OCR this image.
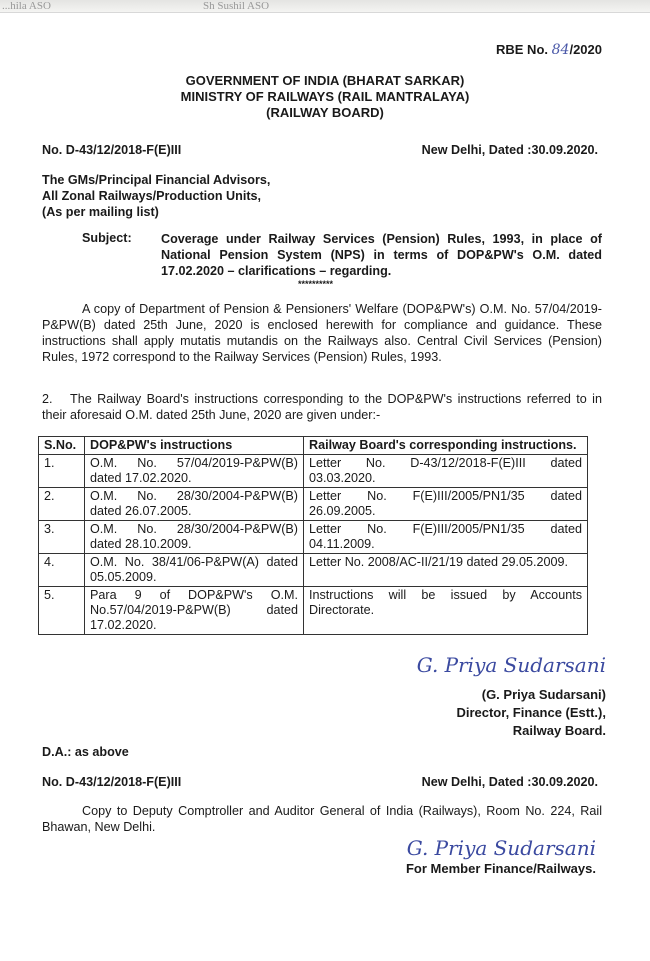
...hila ASO	Sh Sushil ASO
RBE No. 84/2020
GOVERNMENT OF INDIA (BHARAT SARKAR)
MINISTRY OF RAILWAYS (RAIL MANTRALAYA)
(RAILWAY BOARD)
No. D-43/12/2018-F(E)III	New Delhi, Dated :30.09.2020.
The GMs/Principal Financial Advisors,
All Zonal Railways/Production Units,
(As per mailing list)
Subject: Coverage under Railway Services (Pension) Rules, 1993, in place of National Pension System (NPS) in terms of DOP&PW's O.M. dated 17.02.2020 – clarifications – regarding.

**********

A copy of Department of Pension & Pensioners' Welfare (DOP&PW's) O.M. No. 57/04/2019-P&PW(B) dated 25th June, 2020 is enclosed herewith for compliance and guidance. These instructions shall apply mutatis mutandis on the Railways also. Central Civil Services (Pension) Rules, 1972 correspond to the Railway Services (Pension) Rules, 1993.

2. The Railway Board's instructions corresponding to the DOP&PW's instructions referred to in their aforesaid O.M. dated 25th June, 2020 are given under:-

S.No.	DOP&PW's instructions	Railway Board's corresponding instructions.
1.	O.M. No. 57/04/2019-P&PW(B) dated 17.02.2020.	Letter No. D-43/12/2018-F(E)III dated 03.03.2020.
2.	O.M. No. 28/30/2004-P&PW(B) dated 26.07.2005.	Letter No. F(E)III/2005/PN1/35 dated 26.09.2005.
3.	O.M. No. 28/30/2004-P&PW(B) dated 28.10.2009.	Letter No. F(E)III/2005/PN1/35 dated 04.11.2009.
4.	O.M. No. 38/41/06-P&PW(A) dated 05.05.2009.	Letter No. 2008/AC-II/21/19 dated 29.05.2009.
5.	Para 9 of DOP&PW's O.M. No.57/04/2019-P&PW(B) dated 17.02.2020.	Instructions will be issued by Accounts Directorate.
G. Priya Sudarsani
(G. Priya Sudarsani)
Director, Finance (Estt.),
Railway Board.
D.A.: as above
No. D-43/12/2018-F(E)III	New Delhi, Dated :30.09.2020.

Copy to Deputy Comptroller and Auditor General of India (Railways), Room No. 224, Rail Bhawan, New Delhi.

G. Priya Sudarsani
For Member Finance/Railways.
